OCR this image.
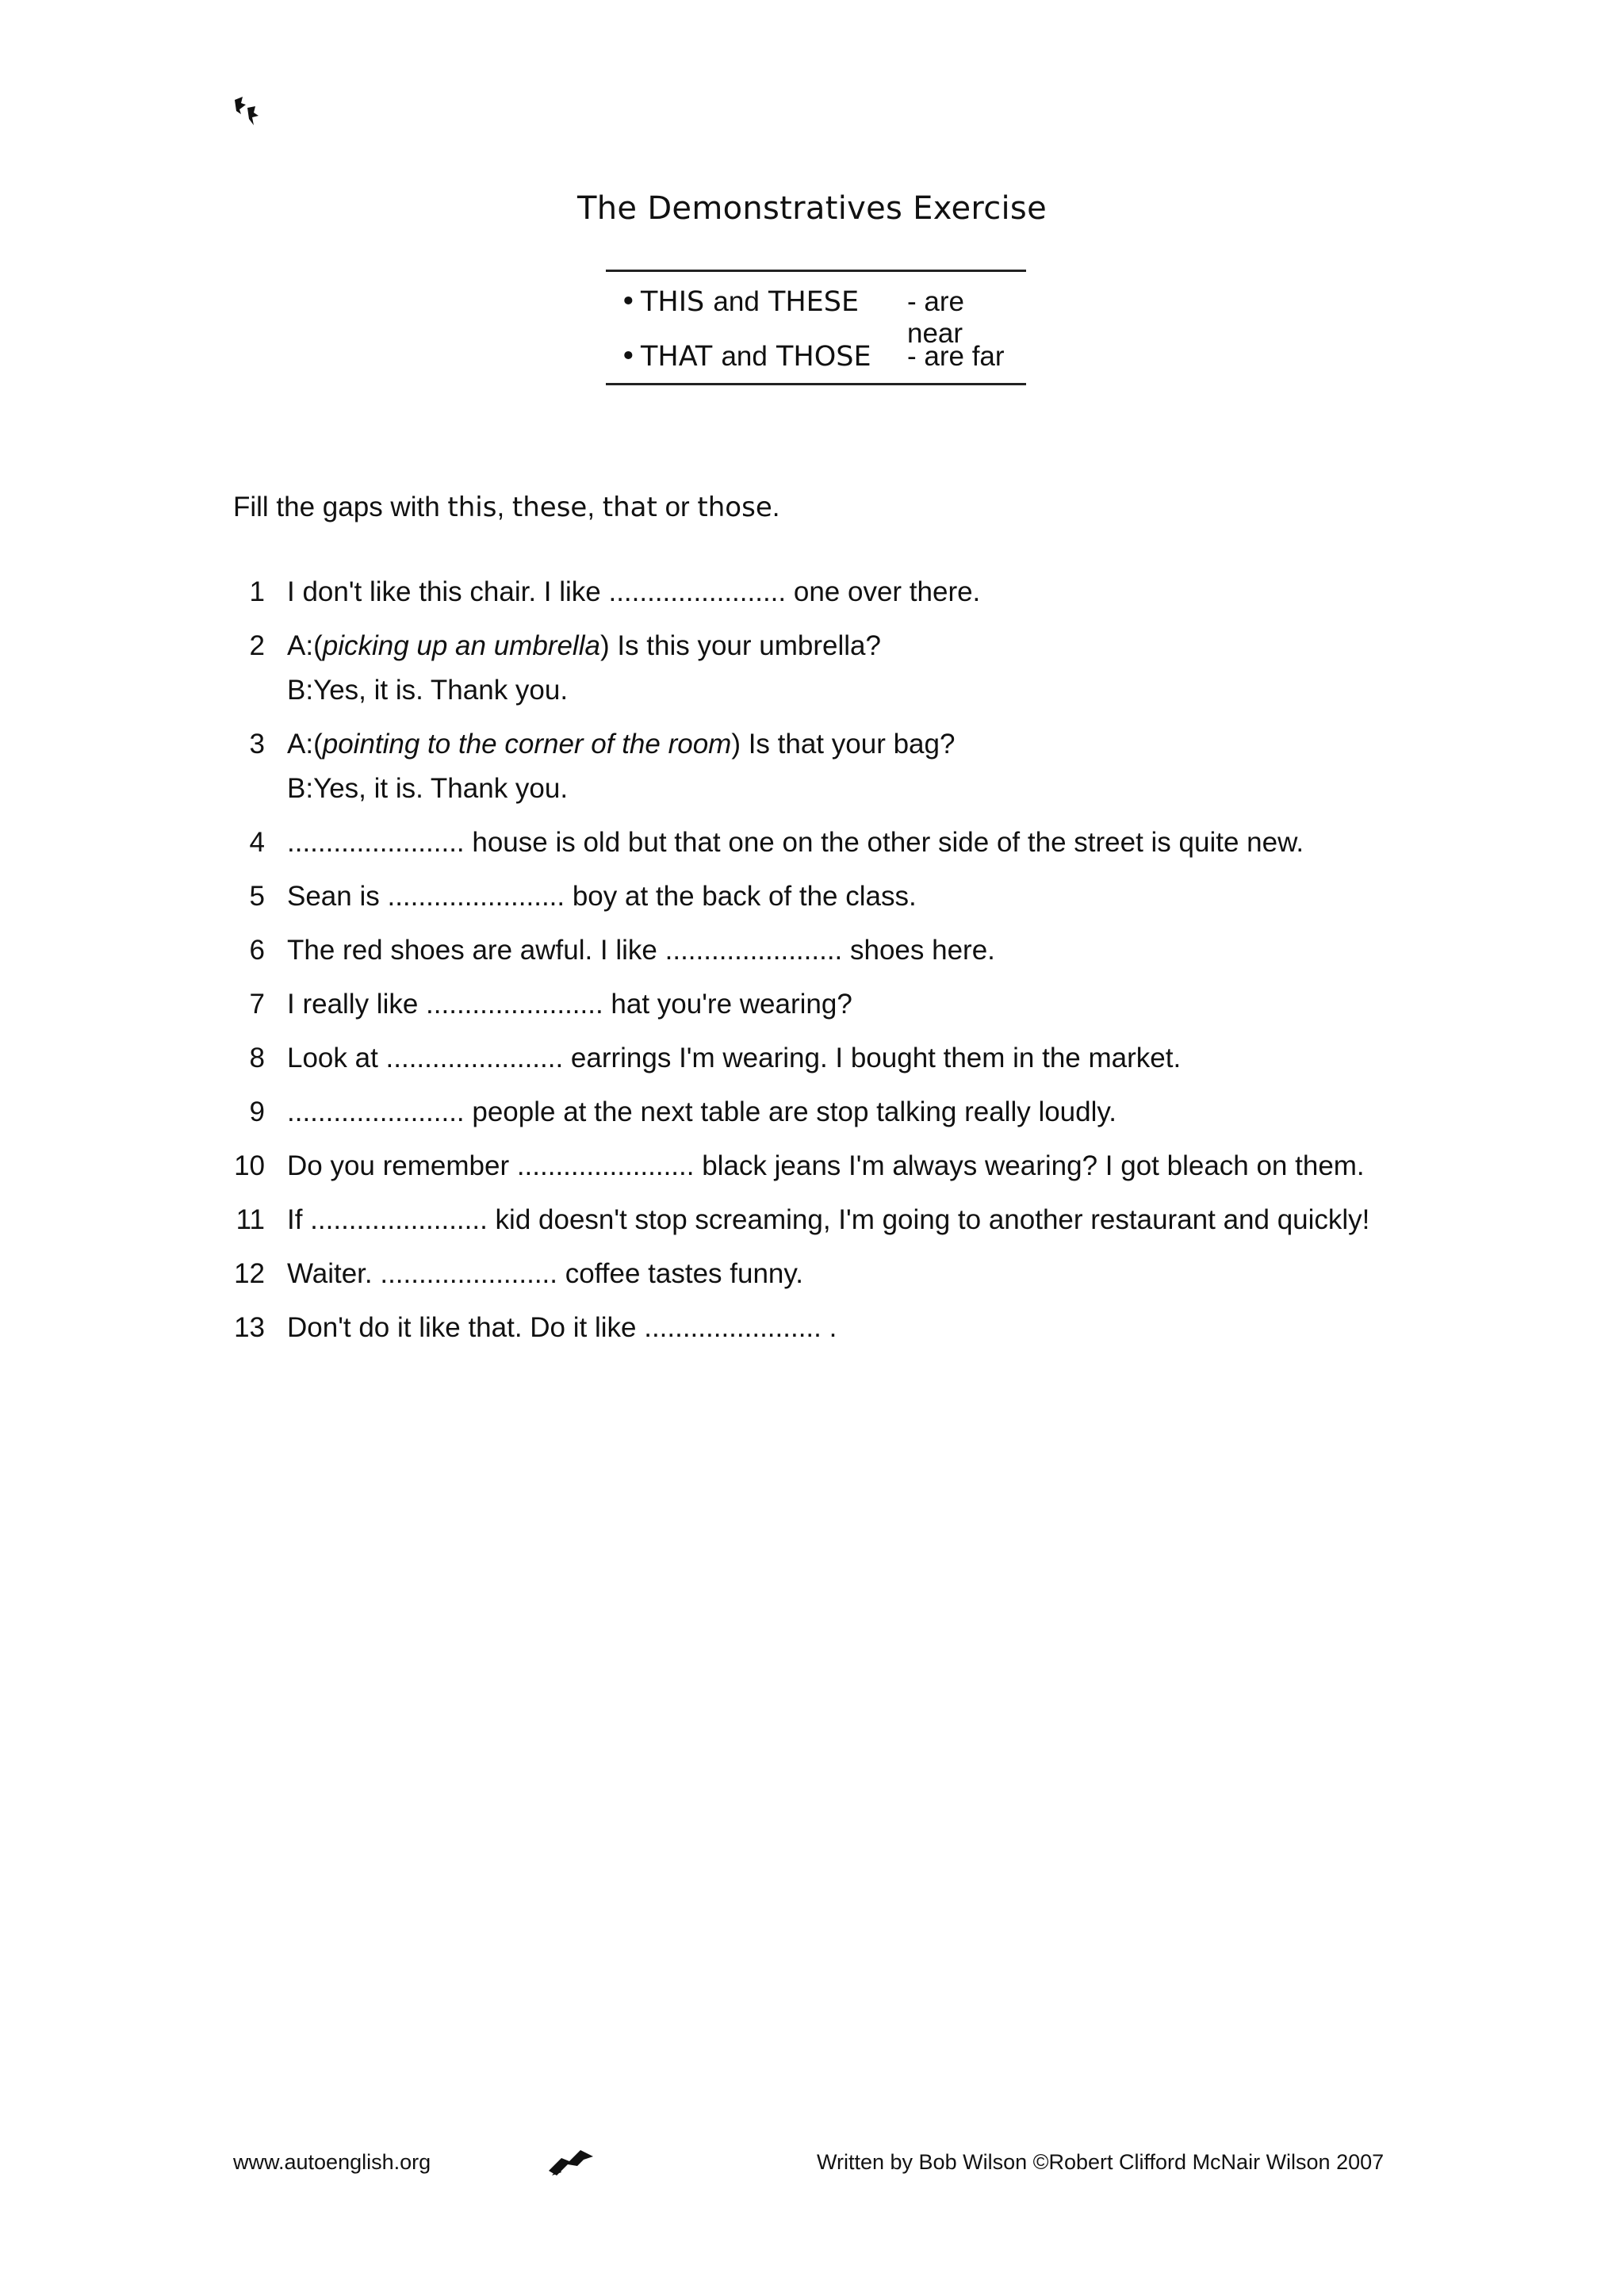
The Demonstratives Exercise
• THIS and THESE - are near
• THAT and THOSE - are far
Fill the gaps with this, these, that or those.
1 I don't like this chair. I like ....................... one over there.
2 A:(picking up an umbrella) Is this your umbrella?
B:Yes, it is. Thank you.
3 A:(pointing to the corner of the room) Is that your bag?
B:Yes, it is. Thank you.
4 ....................... house is old but that one on the other side of the street is quite new.
5 Sean is ....................... boy at the back of the class.
6 The red shoes are awful. I like ....................... shoes here.
7 I really like ....................... hat you're wearing?
8 Look at ....................... earrings I'm wearing. I bought them in the market.
9 ....................... people at the next table are stop talking really loudly.
10 Do you remember ....................... black jeans I'm always wearing? I got bleach on them.
11 If ....................... kid doesn't stop screaming, I'm going to another restaurant and quickly!
12 Waiter. ....................... coffee tastes funny.
13 Don't do it like that. Do it like ....................... .
www.autoenglish.org	Written by Bob Wilson ©Robert Clifford McNair Wilson 2007
